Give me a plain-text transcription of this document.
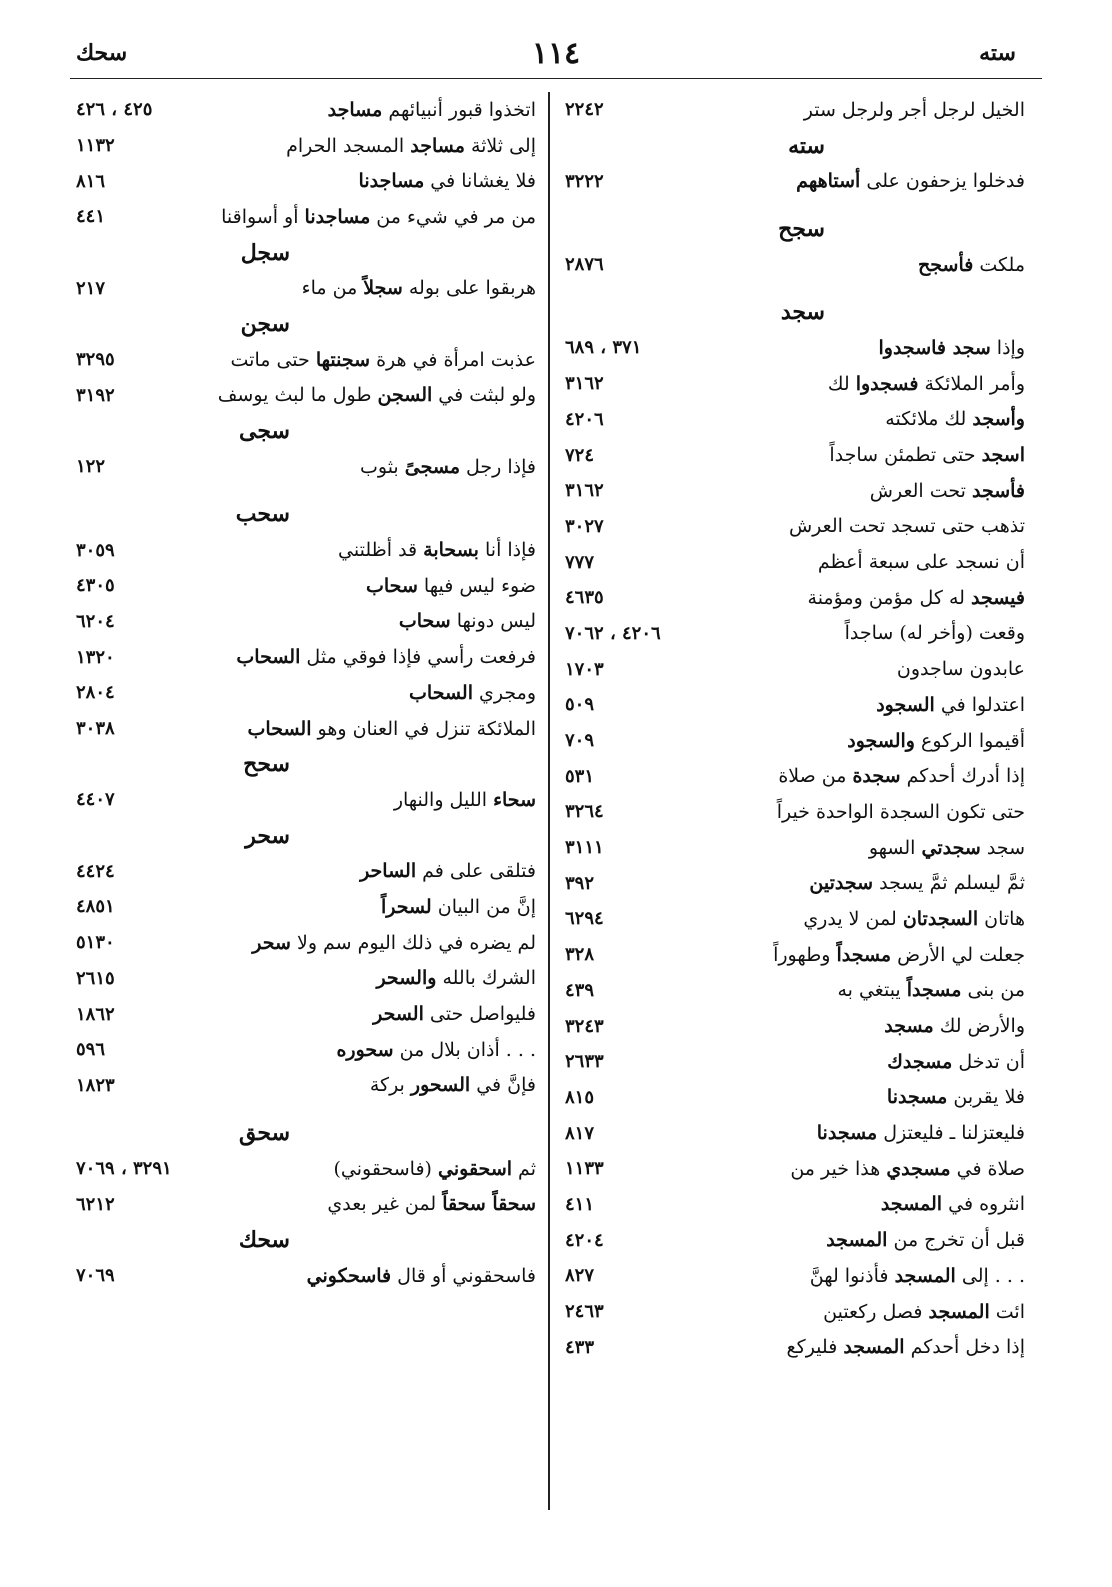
سته
١١٤
سحك
الخيل لرجل أجر ولرجل ستر
٢٢٤٢
سته
فدخلوا يزحفون على أستاههم
٣٢٢٢
سجح
ملكت فأسجح
٢٨٧٦
سجد
وإذا سجد فاسجدوا
٣٧١ ، ٦٨٩
وأمر الملائكة فسجدوا لك
٣١٦٢
وأسجد لك ملائكته
٤٢٠٦
اسجد حتى تطمئن ساجداً
٧٢٤
فأسجد تحت العرش
٣١٦٢
تذهب حتى تسجد تحت العرش
٣٠٢٧
أن نسجد على سبعة أعظم
٧٧٧
فيسجد له كل مؤمن ومؤمنة
٤٦٣٥
وقعت (وأخر له) ساجداً
٤٢٠٦ ، ٧٠٦٢
عابدون ساجدون
١٧٠٣
اعتدلوا في السجود
٥٠٩
أقيموا الركوع والسجود
٧٠٩
إذا أدرك أحدكم سجدة من صلاة
٥٣١
حتى تكون السجدة الواحدة خيراً
٣٢٦٤
سجد سجدتي السهو
٣١١١
ثمَّ ليسلم ثمَّ يسجد سجدتين
٣٩٢
هاتان السجدتان لمن لا يدري
٦٢٩٤
جعلت لي الأرض مسجداً وطهوراً
٣٢٨
من بنى مسجداً يبتغي به
٤٣٩
والأرض لك مسجد
٣٢٤٣
أن تدخل مسجدك
٢٦٣٣
فلا يقربن مسجدنا
٨١٥
فليعتزلنا ـ فليعتزل مسجدنا
٨١٧
صلاة في مسجدي هذا خير من
١١٣٣
انثروه في المسجد
٤١١
قبل أن تخرج من المسجد
٤٢٠٤
. . . إلى المسجد فأذنوا لهنَّ
٨٢٧
ائت المسجد فصل ركعتين
٢٤٦٣
إذا دخل أحدكم المسجد فليركع
٤٣٣
اتخذوا قبور أنبيائهم مساجد
٤٢٥ ، ٤٢٦
إلى ثلاثة مساجد المسجد الحرام
١١٣٢
فلا يغشانا في مساجدنا
٨١٦
من مر في شيء من مساجدنا أو أسواقنا
٤٤١
سجل
هربقوا على بوله سجلاً من ماء
٢١٧
سجن
عذبت امرأة في هرة سجنتها حتى ماتت
٣٢٩٥
ولو لبثت في السجن طول ما لبث يوسف
٣١٩٢
سجى
فإذا رجل مسجىً بثوب
١٢٢
سحب
فإذا أنا بسحابة قد أظلتني
٣٠٥٩
ضوء ليس فيها سحاب
٤٣٠٥
ليس دونها سحاب
٦٢٠٤
فرفعت رأسي فإذا فوقي مثل السحاب
١٣٢٠
ومجري السحاب
٢٨٠٤
الملائكة تنزل في العنان وهو السحاب
٣٠٣٨
سحح
سحاء الليل والنهار
٤٤٠٧
سحر
فتلقى على فم الساحر
٤٤٢٤
إنَّ من البيان لسحراً
٤٨٥١
لم يضره في ذلك اليوم سم ولا سحر
٥١٣٠
الشرك بالله والسحر
٢٦١٥
فليواصل حتى السحر
١٨٦٢
. . . أذان بلال من سحوره
٥٩٦
فإنَّ في السحور بركة
١٨٢٣
سحق
ثم اسحقوني (فاسحقوني)
٣٢٩١ ، ٧٠٦٩
سحقاً سحقاً لمن غير بعدي
٦٢١٢
سحك
فاسحقوني أو قال فاسحكوني
٧٠٦٩
